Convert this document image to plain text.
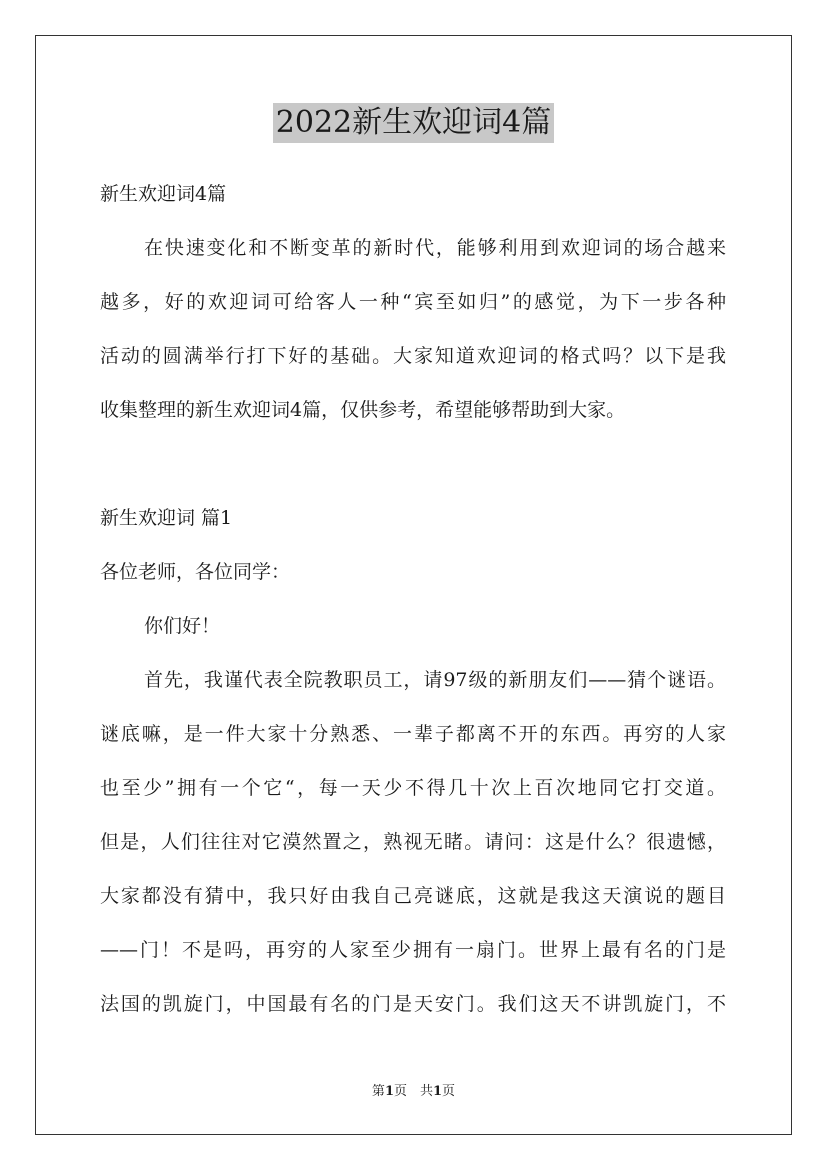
2022新生欢迎词4篇
新生欢迎词4篇
在快速变化和不断变革的新时代，能够利用到欢迎词的场合越来
越多，好的欢迎词可给客人一种“宾至如归”的感觉，为下一步各种
活动的圆满举行打下好的基础。大家知道欢迎词的格式吗？以下是我
收集整理的新生欢迎词4篇，仅供参考，希望能够帮助到大家。
新生欢迎词 篇1
各位老师，各位同学：
你们好！
首先，我谨代表全院教职员工，请97级的新朋友们——猜个谜语。
谜底嘛，是一件大家十分熟悉、一辈子都离不开的东西。再穷的人家
也至少”拥有一个它“，每一天少不得几十次上百次地同它打交道。
但是，人们往往对它漠然置之，熟视无睹。请问：这是什么？很遗憾，
大家都没有猜中，我只好由我自己亮谜底，这就是我这天演说的题目
——门！不是吗，再穷的人家至少拥有一扇门。世界上最有名的门是
法国的凯旋门，中国最有名的门是天安门。我们这天不讲凯旋门，不
第1页　共1页
